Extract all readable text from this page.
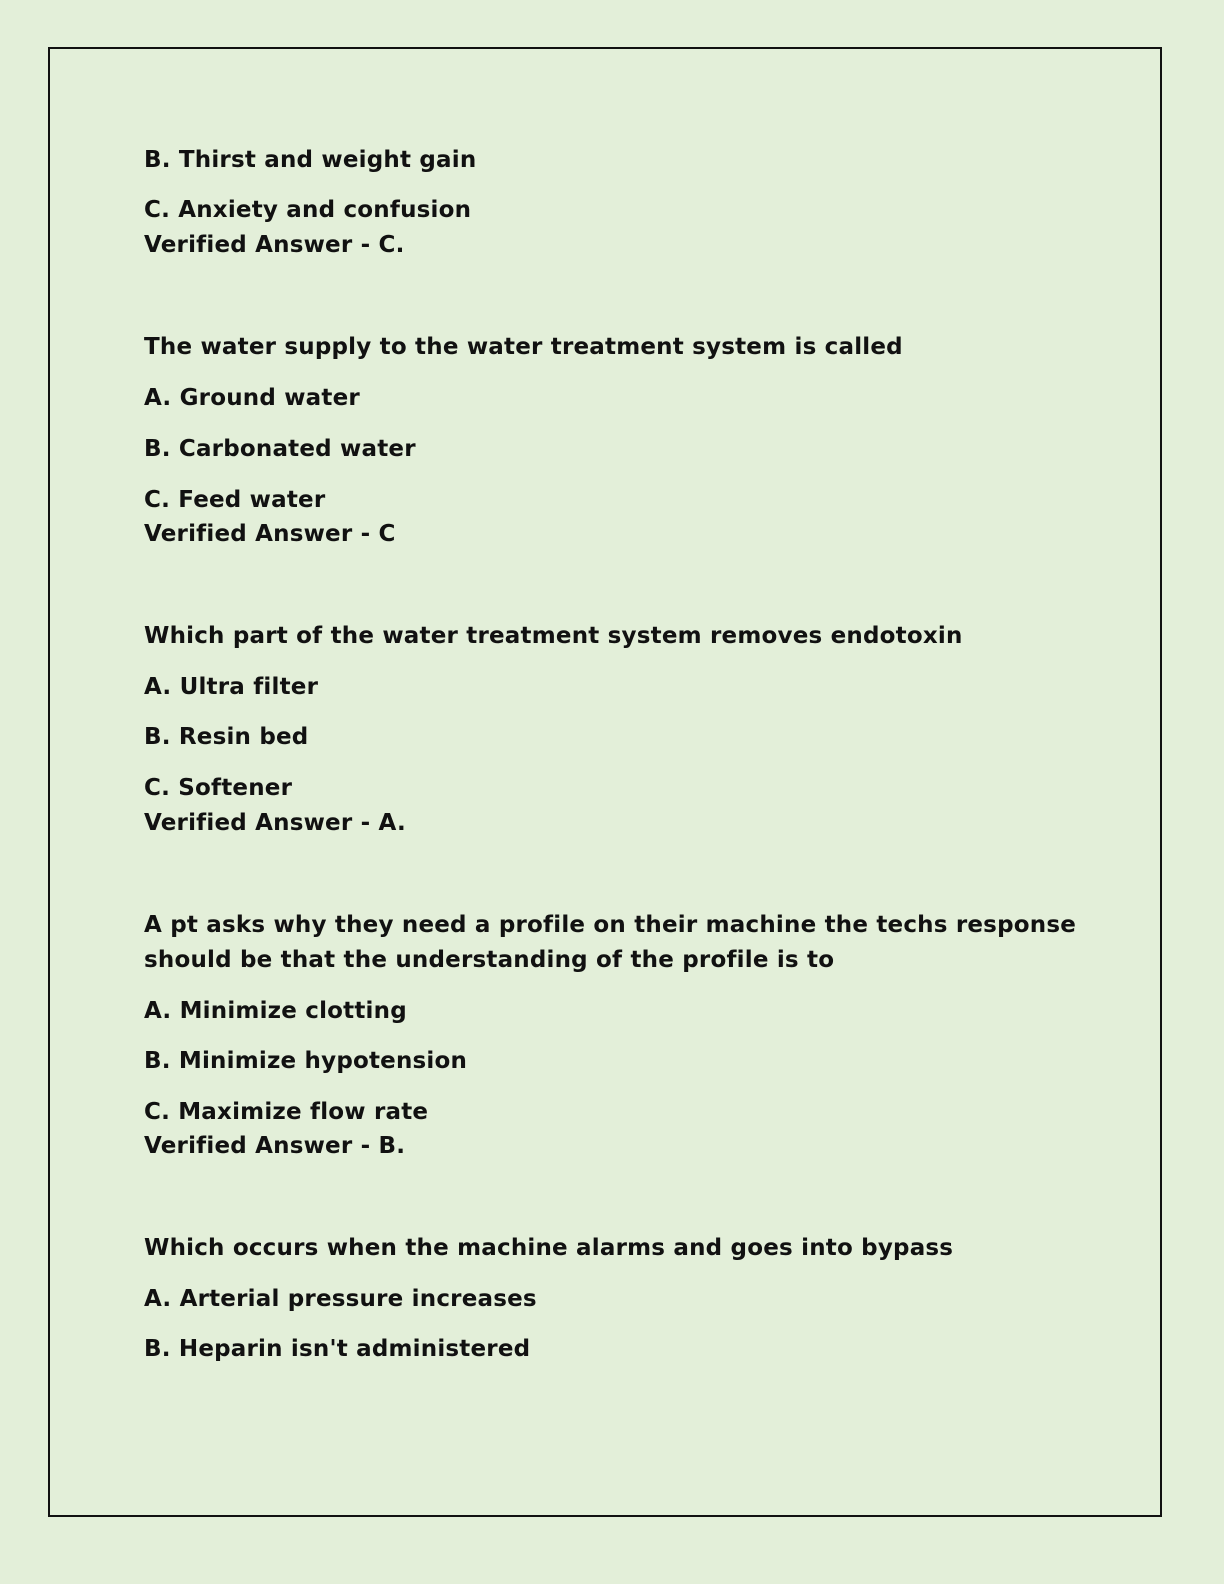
B. Thirst and weight gain
C. Anxiety and confusion
Verified Answer - C.
The water supply to the water treatment system is called
A. Ground water
B. Carbonated water
C. Feed water
Verified Answer - C
Which part of the water treatment system removes endotoxin
A. Ultra filter
B. Resin bed
C. Softener
Verified Answer - A.
A pt asks why they need a profile on their machine the techs response
should be that the understanding of the profile is to
A. Minimize clotting
B. Minimize hypotension
C. Maximize flow rate
Verified Answer - B.
Which occurs when the machine alarms and goes into bypass
A. Arterial pressure increases
B. Heparin isn't administered
